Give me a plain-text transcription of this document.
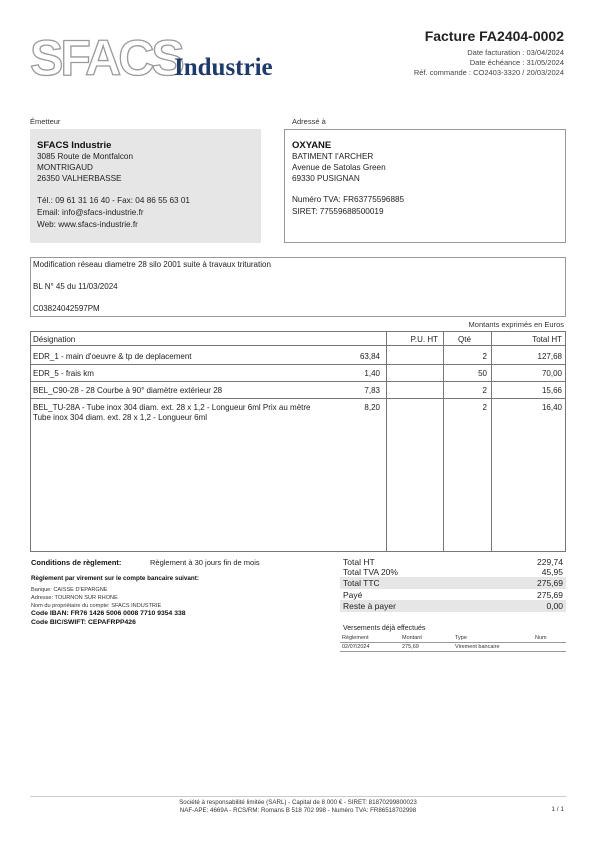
SFACS
Industrie
Facture FA2404-0002
Date facturation : 03/04/2024
Date échéance : 31/05/2024
Réf. commande : CO2403-3320 / 20/03/2024
Émetteur	Adressé à
SFACS Industrie
3085 Route de Montfalcon
MONTRIGAUD
26350 VALHERBASSE
Tél.: 09 61 31 16 40 - Fax: 04 86 55 63 01
Email: info@sfacs-industrie.fr
Web: www.sfacs-industrie.fr
OXYANE
BATIMENT I'ARCHER
Avenue de Satolas Green
69330 PUSIGNAN
Numéro TVA: FR63775596885
SIRET: 77559688500019
Modification réseau diametre 28 silo 2001 suite à travaux trituration
BL N° 45 du 11/03/2024
C03824042597PM
Montants exprimés en Euros
Désignation	P.U. HT	Qté	Total HT
EDR_1 - main d'oeuvre & tp de deplacement	63,84	2	127,68
EDR_5 - frais km	1,40	50	70,00
BEL_C90-28 - 28 Courbe à 90° diamètre extérieur 28	7,83	2	15,66
BEL_TU-28A - Tube inox 304 diam. ext. 28 x 1,2 - Longueur 6ml Prix au mètre
Tube inox 304 diam. ext. 28 x 1,2 - Longueur 6ml
8,20	2	16,40
Conditions de règlement:	Règlement à 30 jours fin de mois
Règlement par virement sur le compte bancaire suivant:
Banque: CAISSE D'EPARGNE
Adresse: TOURNON SUR RHONE
Nom du propriétaire du compte: SFACS INDUSTRIE
Code IBAN: FR76 1426 5006 0008 7710 9354 338
Code BIC/SWIFT: CEPAFRPP426
Total HT	229,74
Total TVA 20%	45,95
Total TTC	275,69
Payé	275,69
Reste à payer	0,00
Versements déjà effectués
Règlement	Montant	Type	Num
02/07/2024	275,69	Virement bancaire
Société à responsabilité limitée (SARL) - Capital de 8 000 € - SIRET: 81870299800023
NAF-APE: 4669A - RCS/RM: Romans B 518 702 998 - Numéro TVA: FR86518702998	1 / 1
